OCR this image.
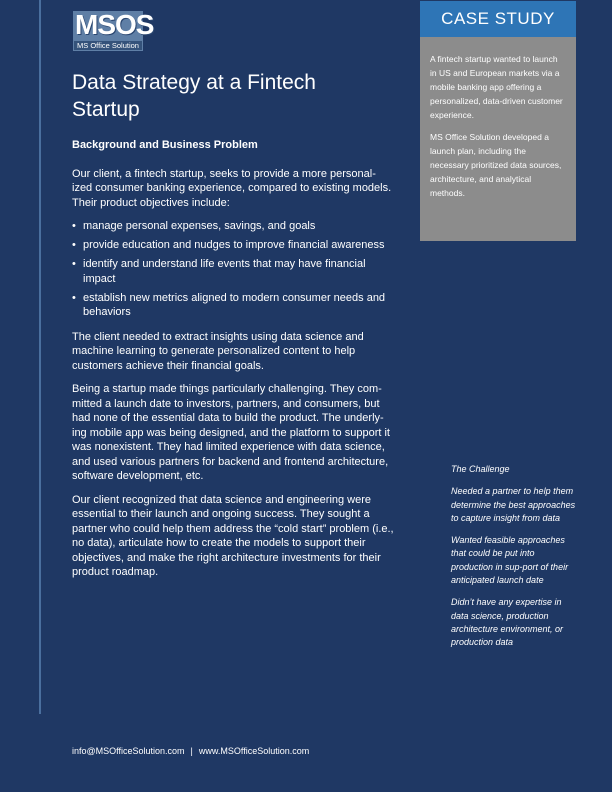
MSOS
MS Office Solution
Data Strategy at a Fintech Startup
Background and Business Problem

Our client, a fintech startup, seeks to provide a more personal-ized consumer banking experience, compared to existing models. Their product objectives include:

• manage personal expenses, savings, and goals
• provide education and nudges to improve financial awareness
• identify and understand life events that may have financial impact
• establish new metrics aligned to modern consumer needs and behaviors

The client needed to extract insights using data science and machine learning to generate personalized content to help customers achieve their financial goals.

Being a startup made things particularly challenging. They com-mitted a launch date to investors, partners, and consumers, but had none of the essential data to build the product. The underly-ing mobile app was being designed, and the platform to support it was nonexistent. They had limited experience with data science, and used various partners for backend and frontend architecture, software development, etc.

Our client recognized that data science and engineering were essential to their launch and ongoing success. They sought a partner who could help them address the “cold start” problem (i.e., no data), articulate how to create the models to support their objectives, and make the right architecture investments for their product roadmap.

CASE STUDY

A fintech startup wanted to launch in US and European markets via a mobile banking app offering a personalized, data-driven customer experience.

MS Office Solution developed a launch plan, including the necessary prioritized data sources, architecture, and analytical methods.

The Challenge

Needed a partner to help them determine the best approaches to capture insight from data

Wanted feasible approaches that could be put into production in sup-port of their anticipated launch date

Didn’t have any expertise in data science, production architecture environment, or production data

info@MSOfficeSolution.com | www.MSOfficeSolution.com
